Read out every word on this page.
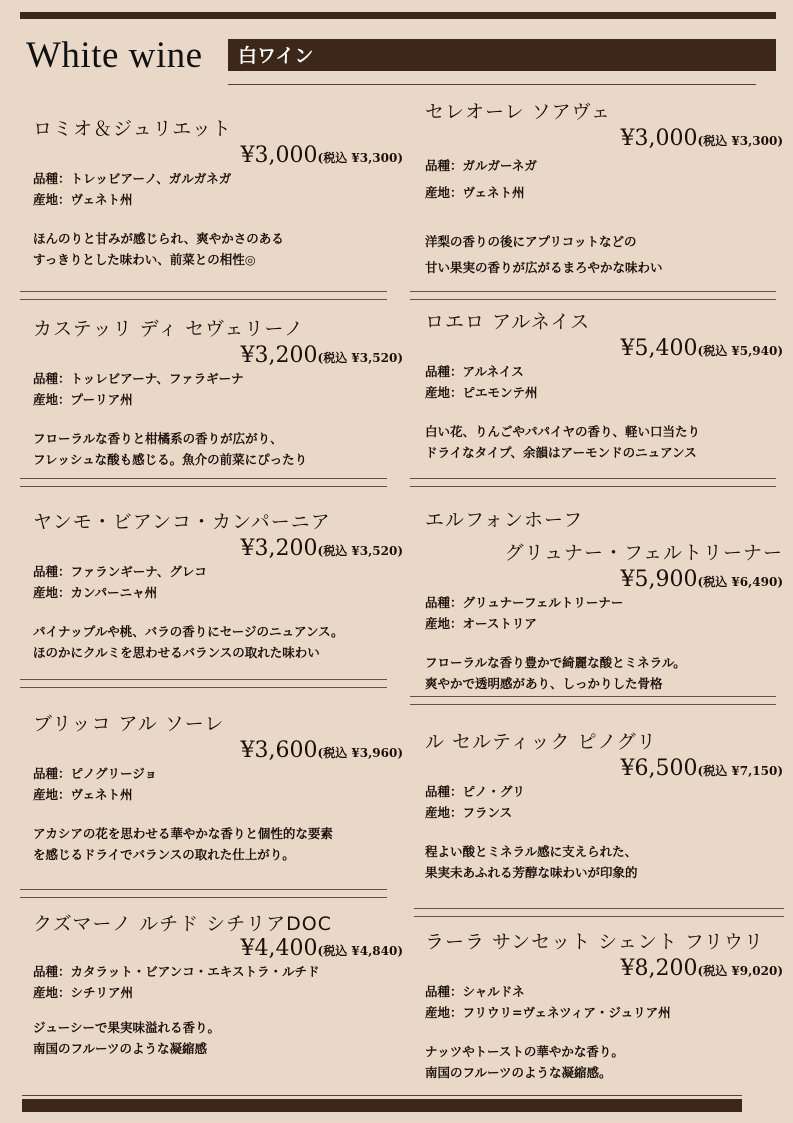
White wine 白ワイン
ロミオ＆ジュリエット
¥3,000(税込 ¥3,300)
品種：トレッビアーノ、ガルガネガ
産地：ヴェネト州
ほんのりと甘みが感じられ、爽やかさのある
すっきりとした味わい、前菜との相性◎
セレオーレ ソアヴェ
¥3,000(税込 ¥3,300)
品種：ガルガーネガ
産地：ヴェネト州
洋梨の香りの後にアプリコットなどの
甘い果実の香りが広がるまろやかな味わい
カステッリ ディ セヴェリーノ
¥3,200(税込 ¥3,520)
品種：トッレビアーナ、ファラギーナ
産地：プーリア州
フローラルな香りと柑橘系の香りが広がり、
フレッシュな酸も感じる。魚介の前菜にぴったり
ロエロ アルネイス
¥5,400(税込 ¥5,940)
品種：アルネイス
産地：ピエモンテ州
白い花、りんごやパパイヤの香り、軽い口当たり
ドライなタイプ、余韻はアーモンドのニュアンス
ヤンモ・ビアンコ・カンパーニア
¥3,200(税込 ¥3,520)
品種：ファランギーナ、グレコ
産地：カンパーニャ州
パイナップルや桃、バラの香りにセージのニュアンス。
ほのかにクルミを思わせるバランスの取れた味わい
エルフォンホーフ
グリュナー・フェルトリーナー
¥5,900(税込 ¥6,490)
品種：グリュナーフェルトリーナー
産地：オーストリア
フローラルな香り豊かで綺麗な酸とミネラル。
爽やかで透明感があり、しっかりした骨格
ブリッコ アル ソーレ
¥3,600(税込 ¥3,960)
品種：ピノグリージョ
産地：ヴェネト州
アカシアの花を思わせる華やかな香りと個性的な要素
を感じるドライでバランスの取れた仕上がり。
ル セルティック ピノグリ
¥6,500(税込 ¥7,150)
品種：ピノ・グリ
産地：フランス
程よい酸とミネラル感に支えられた、
果実未あふれる芳醇な味わいが印象的
クズマーノ ルチド シチリアDOC
¥4,400(税込 ¥4,840)
品種：カタラット・ビアンコ・エキストラ・ルチド
産地：シチリア州
ジューシーで果実味溢れる香り。
南国のフルーツのような凝縮感
ラーラ サンセット シェント フリウリ
¥8,200(税込 ¥9,020)
品種：シャルドネ
産地：フリウリ=ヴェネツィア・ジュリア州
ナッツやトーストの華やかな香り。
南国のフルーツのような凝縮感。
